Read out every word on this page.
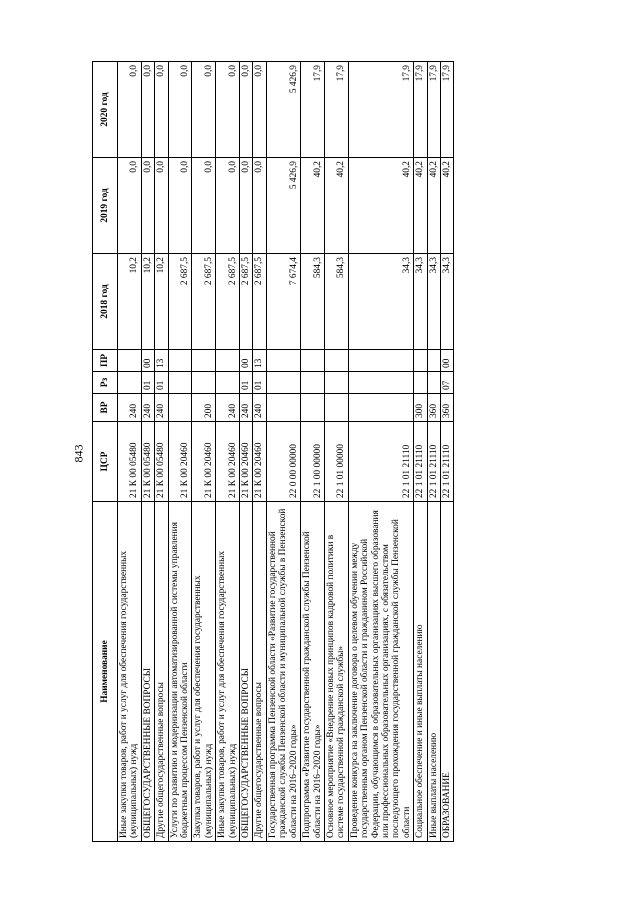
843
Наименование	ЦСР	ВР	Рз	ПР	2018 год	2019 год	2020 год
Иные закупки товаров, работ и услуг для обеспечения государственных (муниципальных) нужд	21 К 00 05480	240			10,2	0,0	0,0
ОБЩЕГОСУДАРСТВЕННЫЕ ВОПРОСЫ	21 К 00 05480	240	01	00	10,2	0,0	0,0
Другие общегосударственные вопросы	21 К 00 05480	240	01	13	10,2	0,0	0,0
Услуги по развитию и модернизации автоматизированной системы управления бюджетным процессом Пензенской области	21 К 00 20460				2 687,5	0,0	0,0
Закупка товаров, работ и услуг для обеспечения государственных (муниципальных) нужд	21 К 00 20460	200			2 687,5	0,0	0,0
Иные закупки товаров, работ и услуг для обеспечения государственных (муниципальных) нужд	21 К 00 20460	240			2 687,5	0,0	0,0
ОБЩЕГОСУДАРСТВЕННЫЕ ВОПРОСЫ	21 К 00 20460	240	01	00	2 687,5	0,0	0,0
Другие общегосударственные вопросы	21 К 00 20460	240	01	13	2 687,5	0,0	0,0
Государственная программа Пензенской области «Развитие государственной гражданской службы Пензенской области и муниципальной службы в Пензенской области на 2016–2020 годы»	22 0 00 00000				7 674,4	5 426,9	5 426,9
Подпрограмма «Развитие государственной гражданской службы Пензенской области на 2016–2020 годы»	22 1 00 00000				584,3	40,2	17,9
Основное мероприятие «Внедрение новых принципов кадровой политики в системе государственной гражданской службы»	22 1 01 00000				584,3	40,2	17,9
Проведение конкурса на заключение договора о целевом обучении между государственным органом Пензенской области и гражданином Российской Федерации, обучающимся в образовательных организациях высшего образования или профессиональных образовательных организациях, с обязательством последующего прохождения государственной гражданской службы Пензенской области	22 1 01 21110				34,3	40,2	17,9
Социальное обеспечение и иные выплаты населению	22 1 01 21110	300			34,3	40,2	17,9
Иные выплаты населению	22 1 01 21110	360			34,3	40,2	17,9
ОБРАЗОВАНИЕ	22 1 01 21110	360	07	00	34,3	40,2	17,9
